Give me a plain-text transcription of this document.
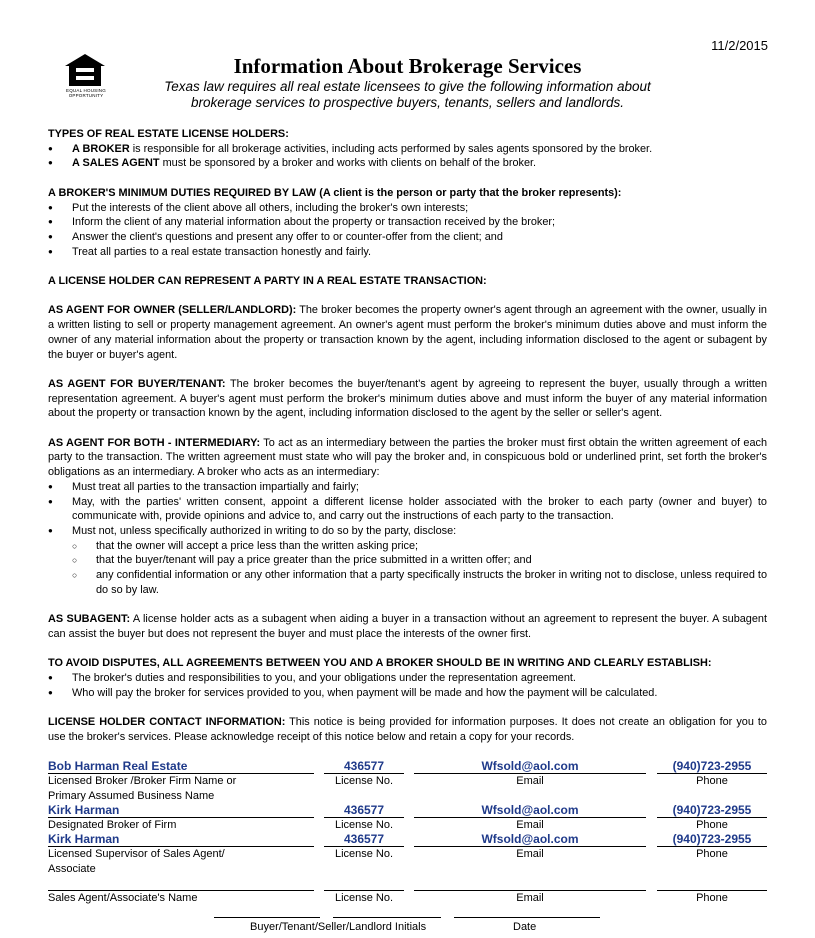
11/2/2015
EQUAL HOUSING OPPORTUNITY
Information About Brokerage Services
Texas law requires all real estate licensees to give the following information about brokerage services to prospective buyers, tenants, sellers and landlords.

TYPES OF REAL ESTATE LICENSE HOLDERS:

● A BROKER is responsible for all brokerage activities, including acts performed by sales agents sponsored by the broker.
● A SALES AGENT must be sponsored by a broker and works with clients on behalf of the broker.

A BROKER'S MINIMUM DUTIES REQUIRED BY LAW (A client is the person or party that the broker represents):

● Put the interests of the client above all others, including the broker's own interests;
● Inform the client of any material information about the property or transaction received by the broker;
● Answer the client's questions and present any offer to or counter-offer from the client; and
● Treat all parties to a real estate transaction honestly and fairly.

A LICENSE HOLDER CAN REPRESENT A PARTY IN A REAL ESTATE TRANSACTION:

AS AGENT FOR OWNER (SELLER/LANDLORD): The broker becomes the property owner's agent through an agreement with the owner, usually in a written listing to sell or property management agreement. An owner's agent must perform the broker's minimum duties above and must inform the owner of any material information about the property or transaction known by the agent, including information disclosed to the agent or subagent by the buyer or buyer's agent.

AS AGENT FOR BUYER/TENANT: The broker becomes the buyer/tenant's agent by agreeing to represent the buyer, usually through a written representation agreement. A buyer's agent must perform the broker's minimum duties above and must inform the buyer of any material information about the property or transaction known by the agent, including information disclosed to the agent by the seller or seller's agent.

AS AGENT FOR BOTH - INTERMEDIARY: To act as an intermediary between the parties the broker must first obtain the written agreement of each party to the transaction. The written agreement must state who will pay the broker and, in conspicuous bold or underlined print, set forth the broker's obligations as an intermediary. A broker who acts as an intermediary:

● Must treat all parties to the transaction impartially and fairly;
● May, with the parties' written consent, appoint a different license holder associated with the broker to each party (owner and buyer) to communicate with, provide opinions and advice to, and carry out the instructions of each party to the transaction.
● Must not, unless specifically authorized in writing to do so by the party, disclose:
○ that the owner will accept a price less than the written asking price;
○ that the buyer/tenant will pay a price greater than the price submitted in a written offer; and
○ any confidential information or any other information that a party specifically instructs the broker in writing not to disclose, unless required to do so by law.

AS SUBAGENT: A license holder acts as a subagent when aiding a buyer in a transaction without an agreement to represent the buyer. A subagent can assist the buyer but does not represent the buyer and must place the interests of the owner first.

TO AVOID DISPUTES, ALL AGREEMENTS BETWEEN YOU AND A BROKER SHOULD BE IN WRITING AND CLEARLY ESTABLISH:

● The broker's duties and responsibilities to you, and your obligations under the representation agreement.
● Who will pay the broker for services provided to you, when payment will be made and how the payment will be calculated.

LICENSE HOLDER CONTACT INFORMATION: This notice is being provided for information purposes. It does not create an obligation for you to use the broker's services. Please acknowledge receipt of this notice below and retain a copy for your records.

Bob Harman Real Estate	436577	Wfsold@aol.com	(940)723-2955
Licensed Broker /Broker Firm Name or Primary Assumed Business Name
License No.	Email	Phone
Kirk Harman	436577	Wfsold@aol.com	(940)723-2955
Designated Broker of Firm	License No.	Email	Phone
Kirk Harman	436577	Wfsold@aol.com	(940)723-2955
Licensed Supervisor of Sales Agent/ Associate
License No.	Email	Phone
Sales Agent/Associate's Name	License No.	Email	Phone
Buyer/Tenant/Seller/Landlord Initials	Date
